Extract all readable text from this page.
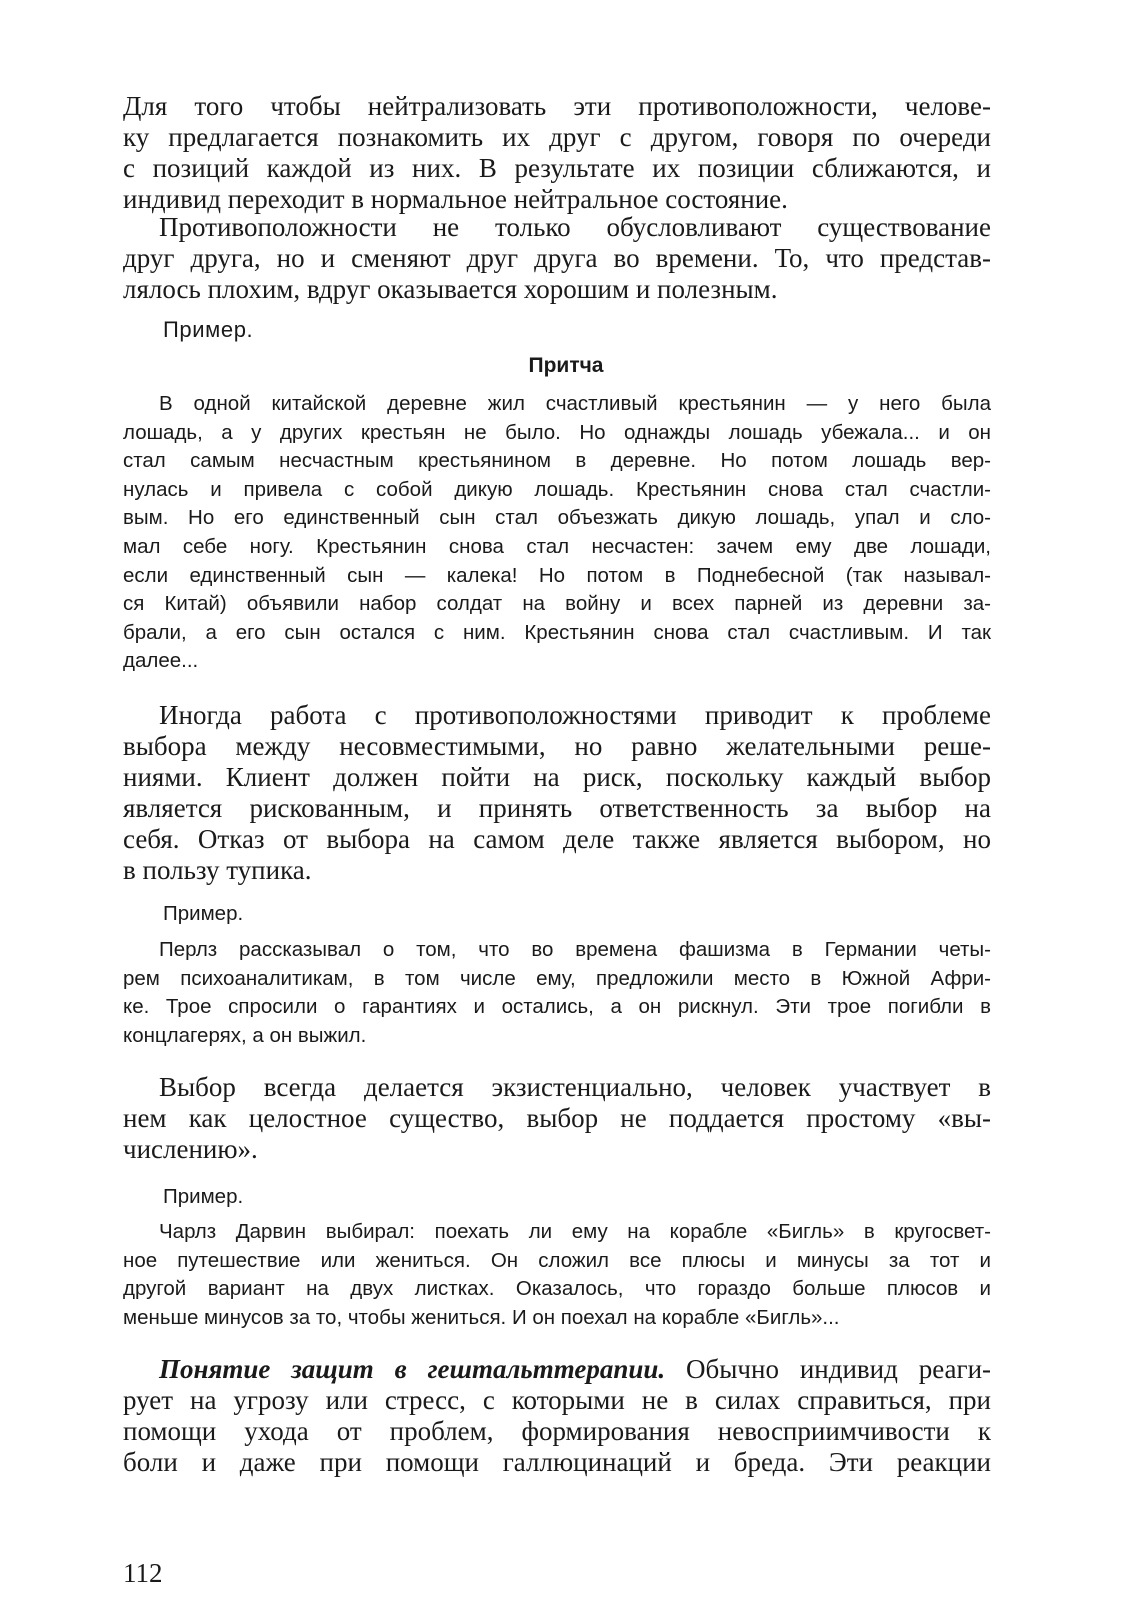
Для того чтобы нейтрализовать эти противоположности, челове-
ку предлагается познакомить их друг с другом, говоря по очереди
с позиций каждой из них. В результате их позиции сближаются, и
индивид переходит в нормальное нейтральное состояние.
Противоположности не только обусловливают существование
друг друга, но и сменяют друг друга во времени. То, что представ-
лялось плохим, вдруг оказывается хорошим и полезным.
Пример.
Притча
В одной китайской деревне жил счастливый крестьянин — у него была
лошадь, а у других крестьян не было. Но однажды лошадь убежала... и он
стал самым несчастным крестьянином в деревне. Но потом лошадь вер-
нулась и привела с собой дикую лошадь. Крестьянин снова стал счастли-
вым. Но его единственный сын стал объезжать дикую лошадь, упал и сло-
мал себе ногу. Крестьянин снова стал несчастен: зачем ему две лошади,
если единственный сын — калека! Но потом в Поднебесной (так называл-
ся Китай) объявили набор солдат на войну и всех парней из деревни за-
брали, а его сын остался с ним. Крестьянин снова стал счастливым. И так
далее...
Иногда работа с противоположностями приводит к проблеме
выбора между несовместимыми, но равно желательными реше-
ниями. Клиент должен пойти на риск, поскольку каждый выбор
является рискованным, и принять ответственность за выбор на
себя. Отказ от выбора на самом деле также является выбором, но
в пользу тупика.
Пример.
Перлз рассказывал о том, что во времена фашизма в Германии четы-
рем психоаналитикам, в том числе ему, предложили место в Южной Афри-
ке. Трое спросили о гарантиях и остались, а он рискнул. Эти трое погибли в
концлагерях, а он выжил.
Выбор всегда делается экзистенциально, человек участвует в
нем как целостное существо, выбор не поддается простому «вы-
числению».
Пример.
Чарлз Дарвин выбирал: поехать ли ему на корабле «Бигль» в кругосвет-
ное путешествие или жениться. Он сложил все плюсы и минусы за тот и
другой вариант на двух листках. Оказалось, что гораздо больше плюсов и
меньше минусов за то, чтобы жениться. И он поехал на корабле «Бигль»...
Понятие защит в гештальттерапии. Обычно индивид реаги-
рует на угрозу или стресс, с которыми не в силах справиться, при
помощи ухода от проблем, формирования невосприимчивости к
боли и даже при помощи галлюцинаций и бреда. Эти реакции
112
